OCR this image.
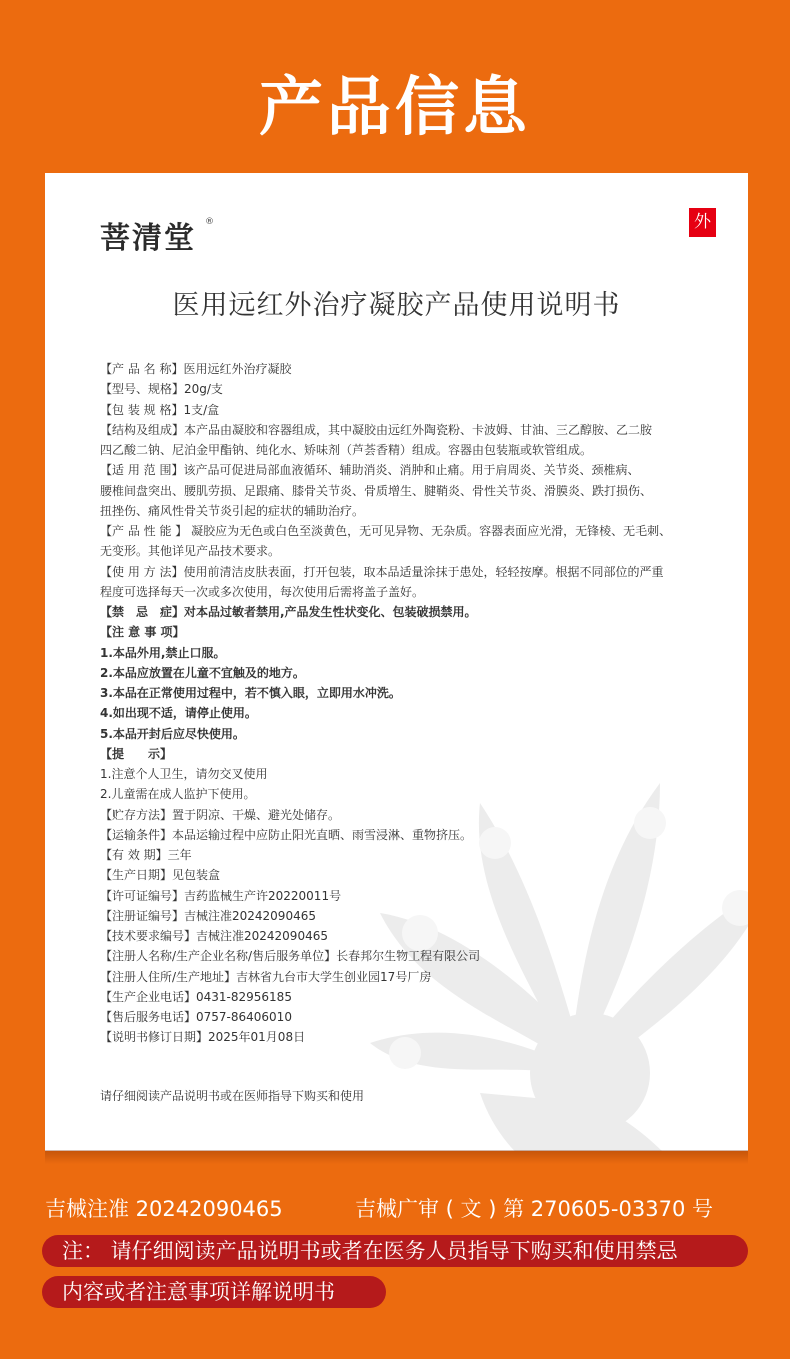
产品信息
菩清堂 ®	外
医用远红外治疗凝胶产品使用说明书
【产 品 名 称】医用远红外治疗凝胶
【型号、规格】20g/支
【包 装 规 格】1支/盒
【结构及组成】本产品由凝胶和容器组成，其中凝胶由远红外陶瓷粉、卡波姆、甘油、三乙醇胺、乙二胺
四乙酸二钠、尼泊金甲酯钠、纯化水、矫味剂（芦荟香精）组成。容器由包装瓶或软管组成。
【适 用 范 围】该产品可促进局部血液循环、辅助消炎、消肿和止痛。用于肩周炎、关节炎、颈椎病、
腰椎间盘突出、腰肌劳损、足跟痛、膝骨关节炎、骨质增生、腱鞘炎、骨性关节炎、滑膜炎、跌打损伤、
扭挫伤、痛风性骨关节炎引起的症状的辅助治疗。
【产 品 性 能 】 凝胶应为无色或白色至淡黄色，无可见异物、无杂质。容器表面应光滑，无锋棱、无毛刺、
无变形。其他详见产品技术要求。
【使 用 方 法】使用前清洁皮肤表面，打开包装，取本品适量涂抹于患处，轻轻按摩。根据不同部位的严重
程度可选择每天一次或多次使用，每次使用后需将盖子盖好。
【禁　忌　症】对本品过敏者禁用,产品发生性状变化、包装破损禁用。
【注 意 事 项】
1.本品外用,禁止口服。
2.本品应放置在儿童不宜触及的地方。
3.本品在正常使用过程中，若不慎入眼，立即用水冲洗。
4.如出现不适，请停止使用。
5.本品开封后应尽快使用。
【提　　示】
1.注意个人卫生，请勿交叉使用
2.儿童需在成人监护下使用。
【贮存方法】置于阴凉、干燥、避光处储存。
【运输条件】本品运输过程中应防止阳光直晒、雨雪浸淋、重物挤压。
【有 效 期】三年
【生产日期】见包装盒
【许可证编号】吉药监械生产许20220011号
【注册证编号】吉械注准20242090465
【技术要求编号】吉械注准20242090465
【注册人名称/生产企业名称/售后服务单位】长春邦尔生物工程有限公司
【注册人住所/生产地址】吉林省九台市大学生创业园17号厂房
【生产企业电话】0431-82956185
【售后服务电话】0757-86406010
【说明书修订日期】2025年01月08日
请仔细阅读产品说明书或在医师指导下购买和使用
吉械注准 20242090465	吉械广审 ( 文 ) 第 270605-03370 号
注： 请仔细阅读产品说明书或者在医务人员指导下购买和使用禁忌
内容或者注意事项详解说明书
